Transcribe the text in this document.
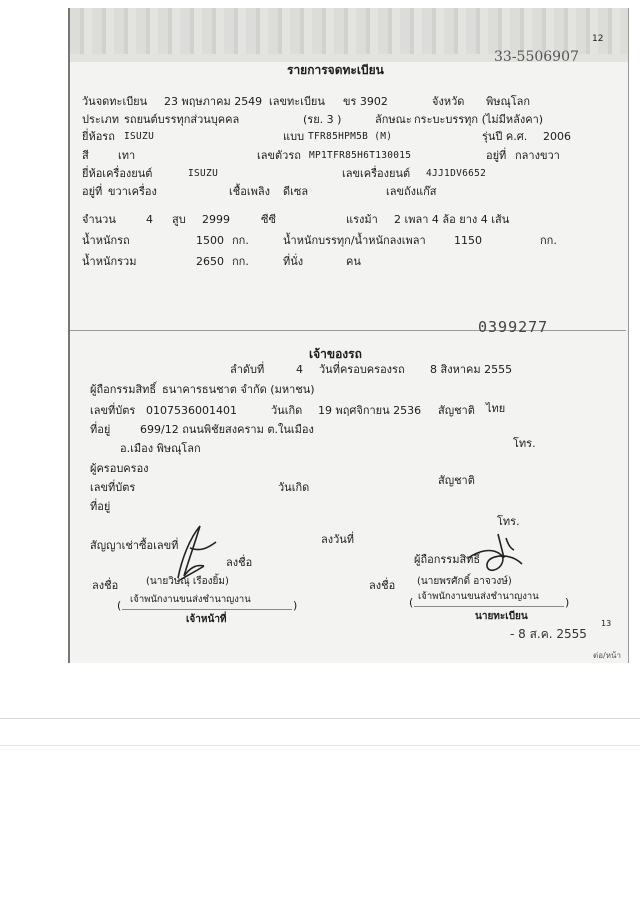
12
33-5506907
รายการจดทะเบียน
วันจดทะเบียน 23 พฤษภาคม 2549 เลขทะเบียน ขร 3902	จังหวัด พิษณุโลก
ประเภท รถยนต์บรรทุกส่วนบุคคล	(รย. 3 )	ลักษณะ กระบะบรรทุก (ไม่มีหลังคา)
ยี่ห้อรถ ISUZU	แบบ TFR85HPM5B (M)	รุ่นปี ค.ศ. 2006
สี	เทา	เลขตัวรถ MP1TFR85H6T130015	อยู่ที่ กลางขวา
ยี่ห้อเครื่องยนต์	ISUZU	เลขเครื่องยนต์ 4JJ1DV6652
อยู่ที่ ขวาเครื่อง	เชื้อเพลิง ดีเซล	เลขถังแก๊ส
จำนวน	4 สูบ 2999	ซีซี	แรงม้า 2 เพลา 4 ล้อ ยาง 4 เส้น
น้ำหนักรถ	1500 กก.	น้ำหนักบรรทุก/น้ำหนักลงเพลา	1150	กก.
น้ำหนักรวม	2650 กก.	ที่นั่ง	คน
0399277
เจ้าของรถ
ลำดับที่	4 วันที่ครอบครองรถ 8 สิงหาคม 2555
ผู้ถือกรรมสิทธิ์ ธนาคารธนชาต จำกัด (มหาชน)
เลขที่บัตร 0107536001401	วันเกิด 19 พฤศจิกายน 2536 สัญชาติ ไทย
ที่อยู่	699/12 ถนนพิชัยสงคราม ต.ในเมือง
อ.เมือง พิษณุโลก	โทร.
ผู้ครอบครอง
เลขที่บัตร	วันเกิด
สัญชาติ
ที่อยู่
โทร.
สัญญาเช่าซื้อเลขที่	ลงวันที่
ลงชื่อ	ผู้ถือกรรมสิทธิ์
ลงชื่อ	(นายวิษณุ เรืองยิ้ม)
เจ้าพนักงานขนส่งชำนาญงาน
(	)
เจ้าหน้าที่
ลงชื่อ (นายพรศักดิ์ อาจวงษ์)
เจ้าพนักงานขนส่งชำนาญงาน
(	)
นายทะเบียน
- 8 ส.ค. 2555
13
ต่อ/หน้า
